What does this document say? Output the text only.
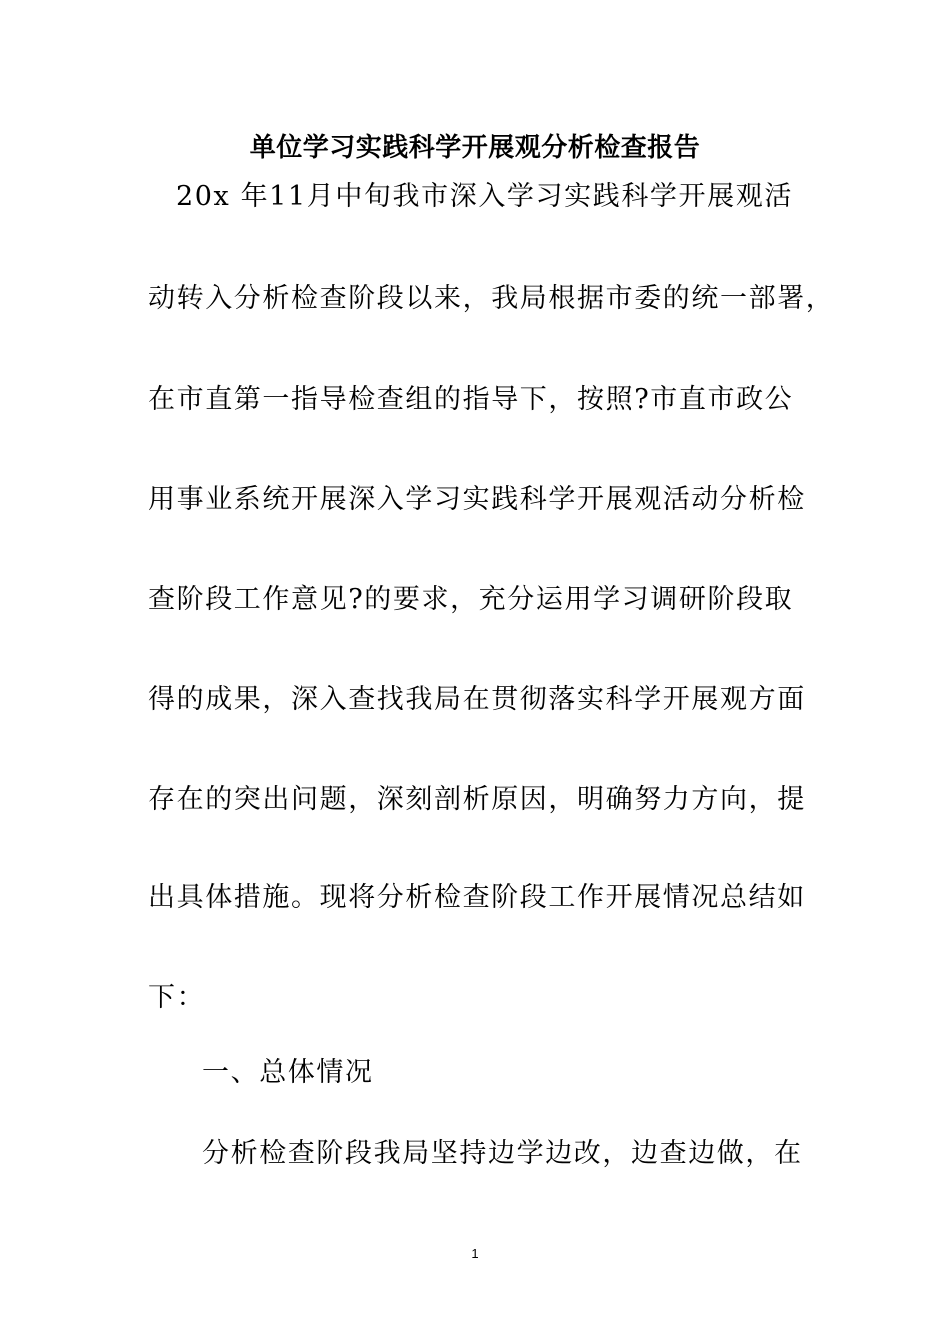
单位学习实践科学开展观分析检查报告
20x 年11月中旬我市深入学习实践科学开展观活
动转入分析检查阶段以来，我局根据市委的统一部署，
在市直第一指导检查组的指导下，按照?市直市政公
用事业系统开展深入学习实践科学开展观活动分析检
查阶段工作意见?的要求，充分运用学习调研阶段取
得的成果，深入查找我局在贯彻落实科学开展观方面
存在的突出问题，深刻剖析原因，明确努力方向，提
出具体措施。现将分析检查阶段工作开展情况总结如
下：
一、总体情况
分析检查阶段我局坚持边学边改，边查边做，在
1
